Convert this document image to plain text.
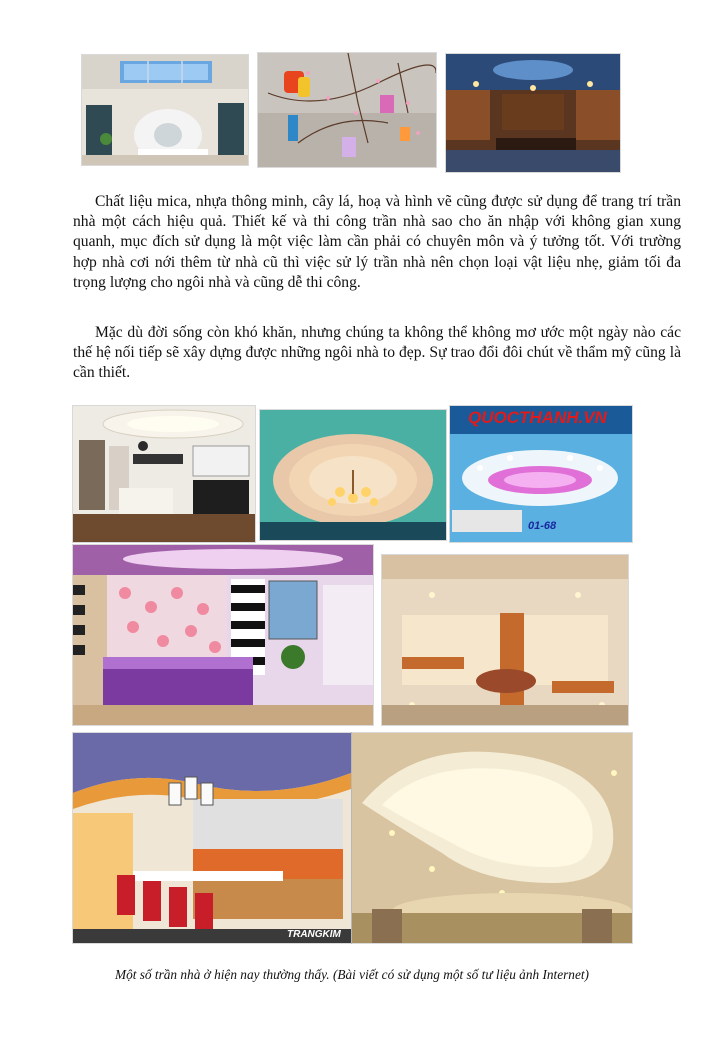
Chất liệu mica, nhựa thông minh, cây lá, hoạ và hình vẽ cũng được sử dụng để trang trí trần nhà một cách hiệu quả. Thiết kế và thi công trần nhà sao cho ăn nhập với không gian xung quanh, mục đích sử dụng là một việc làm cần phải có chuyên môn và ý tưởng tốt. Với trường hợp nhà cơi nới thêm từ nhà cũ thì việc sử lý trần nhà nên chọn loại vật liệu nhẹ, giảm tối đa trọng lượng cho ngôi nhà và cũng dễ thi công.

Mặc dù đời sống còn khó khăn, nhưng chúng ta không thể không mơ ước một ngày nào các thế hệ nối tiếp sẽ xây dựng được những ngôi nhà to đẹp. Sự trao đổi đôi chút về thẩm mỹ cũng là cần thiết.

QUOCTHANH.VN
01-68
TRANGKIM
Một số trần nhà ở hiện nay thường thấy. (Bài viết có sử dụng một số tư liệu ảnh Internet)
